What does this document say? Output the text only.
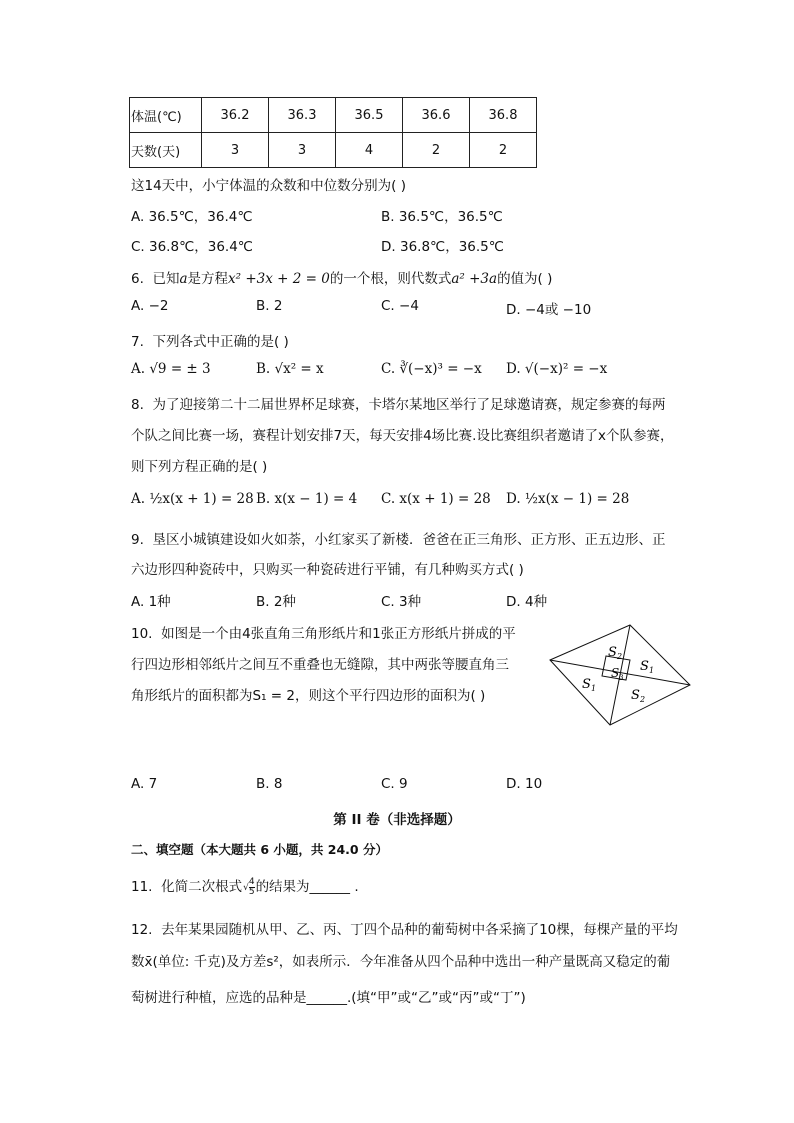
体温(℃)	36.2	36.3	36.5	36.6	36.8
天数(天)	3	3	4	2	2
这14天中，小宁体温的众数和中位数分别为( )
A. 36.5℃，36.4℃	B. 36.5℃，36.5℃
C. 36.8℃，36.4℃	D. 36.8℃，36.5℃
6. 已知a是方程x² +3x + 2 = 0的一个根，则代数式a² +3a的值为( )
A. −2	B. 2	C. −4	D. −4或 −10
7. 下列各式中正确的是( )
A. √9 = ± 3	B. √x² = x	C. ∛(−x)³ = −x D. √(−x)² = −x
8. 为了迎接第二十二届世界杯足球赛，卡塔尔某地区举行了足球邀请赛，规定参赛的每两
个队之间比赛一场，赛程计划安排7天，每天安排4场比赛.设比赛组织者邀请了x个队参赛，
则下列方程正确的是( )
A. ½x(x + 1) = 28 B. x(x − 1) = 4 C. x(x + 1) = 28 D. ½x(x − 1) = 28
9. 垦区小城镇建设如火如荼，小红家买了新楼．爸爸在正三角形、正方形、正五边形、正
六边形四种瓷砖中，只购买一种瓷砖进行平铺，有几种购买方式( )
A. 1种	B. 2种	C. 3种	D. 4种
10. 如图是一个由4张直角三角形纸片和1张正方形纸片拼成的平
行四边形相邻纸片之间互不重叠也无缝隙，其中两张等腰直角三
角形纸片的面积都为S₁ = 2，则这个平行四边形的面积为( )
S 2
S 1
S 3
S 1	S 2
A. 7	B. 8	C. 9	D. 10
第 II 卷（非选择题）
二、填空题（本大题共 6 小题，共 24.0 分）
11. 化简二次根式√ $\frac{4}{5}$ 的结果为______ .
12. 去年某果园随机从甲、乙、丙、丁四个品种的葡萄树中各采摘了10棵，每棵产量的平均
数x̄(单位: 千克)及方差s²，如表所示．今年准备从四个品种中选出一种产量既高又稳定的葡
萄树进行种植，应选的品种是______.(填“甲”或“乙”或“丙”或“丁”)
